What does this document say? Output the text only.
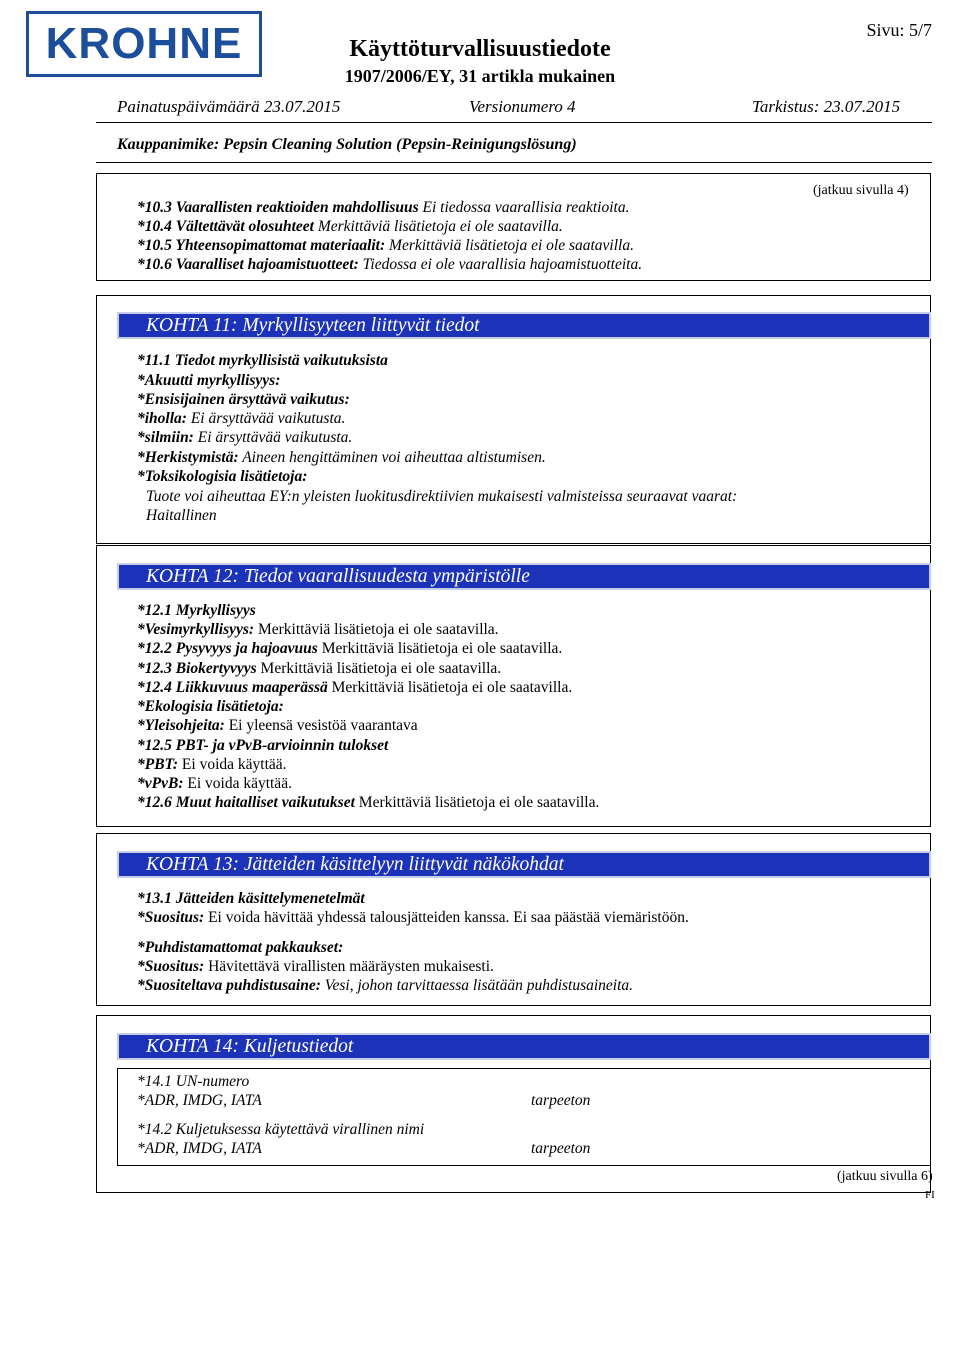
KROHNE	Käyttöturvallisuustiedote
1907/2006/EY, 31 artikla mukainen
Sivu: 5/7
Painatuspäivämäärä 23.07.2015	Versionumero 4	Tarkistus: 23.07.2015
Kauppanimike: Pepsin Cleaning Solution (Pepsin-Reinigungslösung)
(jatkuu sivulla 4)
*10.3 Vaarallisten reaktioiden mahdollisuus Ei tiedossa vaarallisia reaktioita.
*10.4 Vältettävät olosuhteet Merkittäviä lisätietoja ei ole saatavilla.
*10.5 Yhteensopimattomat materiaalit: Merkittäviä lisätietoja ei ole saatavilla.
*10.6 Vaaralliset hajoamistuotteet: Tiedossa ei ole vaarallisia hajoamistuotteita.
KOHTA 11: Myrkyllisyyteen liittyvät tiedot
*11.1 Tiedot myrkyllisistä vaikutuksista
*Akuutti myrkyllisyys:
*Ensisijainen ärsyttävä vaikutus:
*iholla: Ei ärsyttävää vaikutusta.
*silmiin: Ei ärsyttävää vaikutusta.
*Herkistymistä: Aineen hengittäminen voi aiheuttaa altistumisen.
*Toksikologisia lisätietoja:
Tuote voi aiheuttaa EY:n yleisten luokitusdirektiivien mukaisesti valmisteissa seuraavat vaarat:
Haitallinen
KOHTA 12: Tiedot vaarallisuudesta ympäristölle
*12.1 Myrkyllisyys
*Vesimyrkyllisyys: Merkittäviä lisätietoja ei ole saatavilla.
*12.2 Pysyvyys ja hajoavuus Merkittäviä lisätietoja ei ole saatavilla.
*12.3 Biokertyvyys Merkittäviä lisätietoja ei ole saatavilla.
*12.4 Liikkuvuus maaperässä Merkittäviä lisätietoja ei ole saatavilla.
*Ekologisia lisätietoja:
*Yleisohjeita: Ei yleensä vesistöä vaarantava
*12.5 PBT- ja vPvB-arvioinnin tulokset
*PBT: Ei voida käyttää.
*vPvB: Ei voida käyttää.
*12.6 Muut haitalliset vaikutukset Merkittäviä lisätietoja ei ole saatavilla.
KOHTA 13: Jätteiden käsittelyyn liittyvät näkökohdat
*13.1 Jätteiden käsittelymenetelmät
*Suositus: Ei voida hävittää yhdessä talousjätteiden kanssa. Ei saa päästää viemäristöön.
*Puhdistamattomat pakkaukset:
*Suositus: Hävitettävä virallisten määräysten mukaisesti.
*Suositeltava puhdistusaine: Vesi, johon tarvittaessa lisätään puhdistusaineita.
KOHTA 14: Kuljetustiedot
*14.1 UN-numero
*ADR, IMDG, IATA	tarpeeton
*14.2 Kuljetuksessa käytettävä virallinen nimi
*ADR, IMDG, IATA	tarpeeton
(jatkuu sivulla 6)
FI
